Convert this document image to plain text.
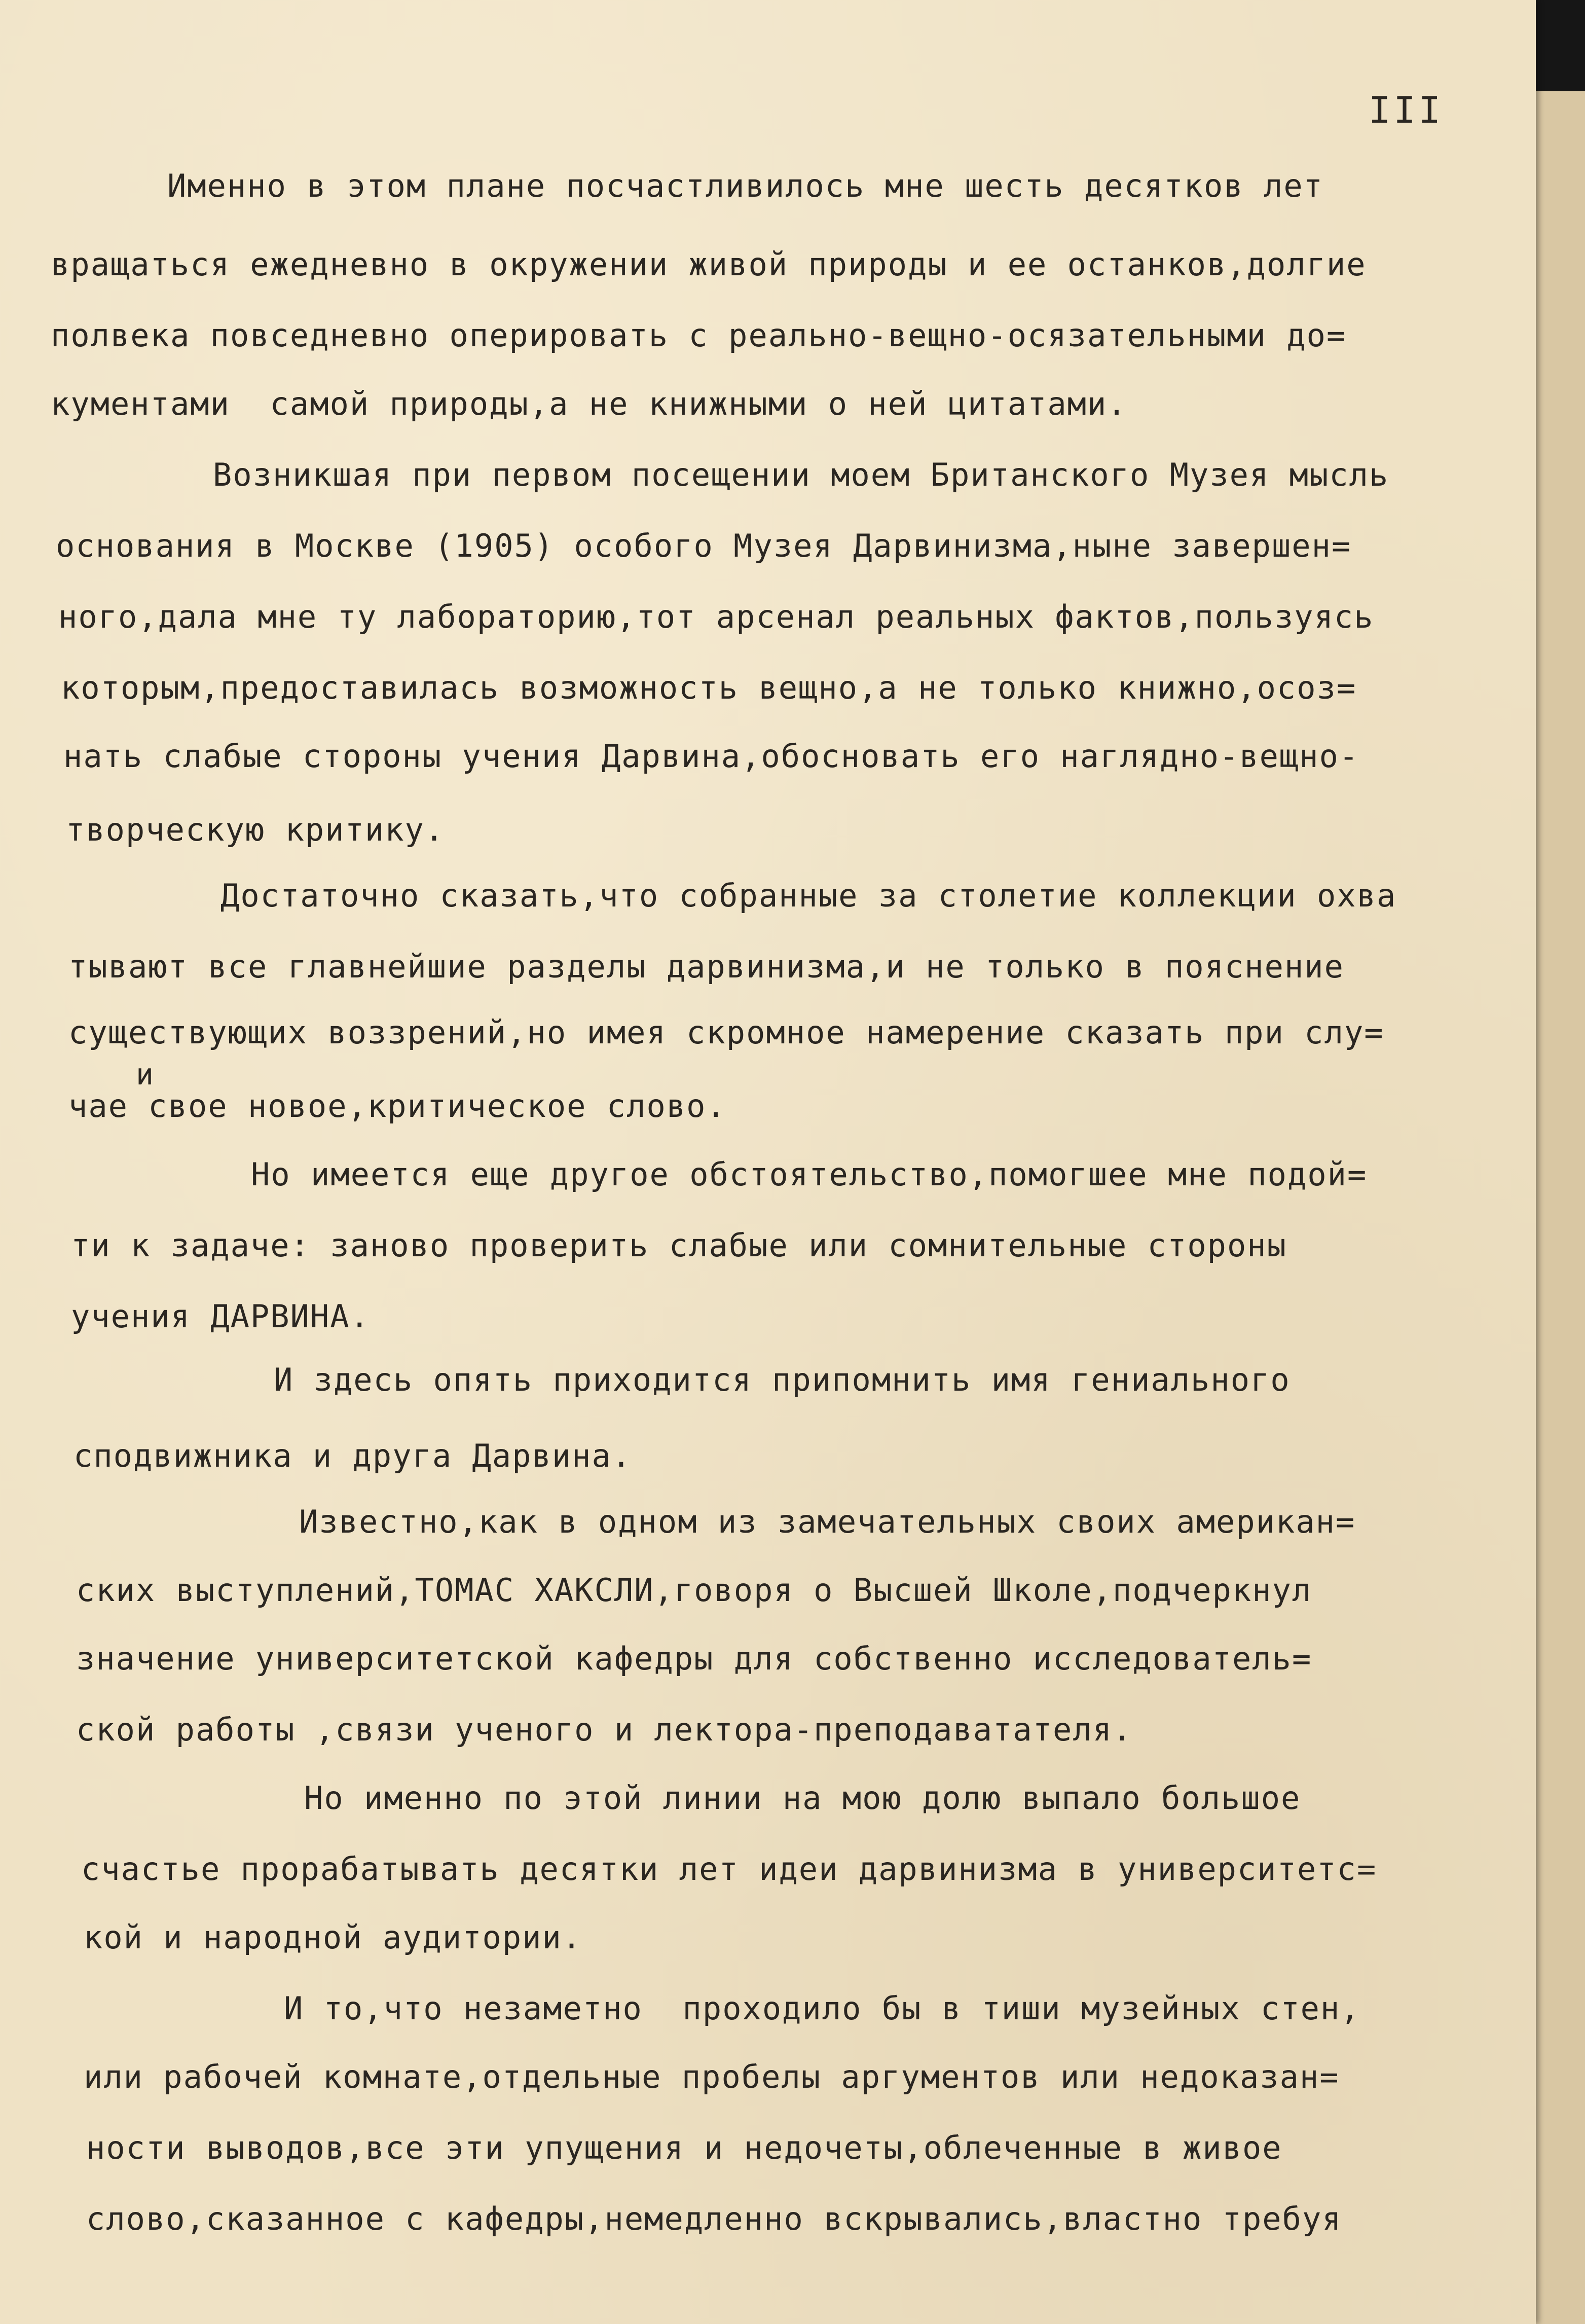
III
Именно в этом плане посчастливилось мне шесть десятков лет
вращаться ежедневно в окружении живой природы и ее останков,долгие
полвека повседневно оперировать с реально-вещно-осязательными до=
кументами  самой природы,а не книжными о ней цитатами.
Возникшая при первом посещении моем Британского Музея мысль
основания в Москве (1905) особого Музея Дарвинизма,ныне завершен=
ного,дала мне ту лабораторию,тот арсенал реальных фактов,пользуясь
которым,предоставилась возможность вещно,а не только книжно,осоз=
нать слабые стороны учения Дарвина,обосновать его наглядно-вещно-
творческую критику.
Достаточно сказать,что собранные за столетие коллекции охва
тывают все главнейшие разделы дарвинизма,и не только в пояснение
существующих воззрений,но имея скромное намерение сказать при слу=
и
чае свое новое,критическое слово.
Но имеется еще другое обстоятельство,помогшее мне подой=
ти к задаче: заново проверить слабые или сомнительные стороны
учения ДАРВИНА.
И здесь опять приходится припомнить имя гениального
сподвижника и друга Дарвина.
Известно,как в одном из замечательных своих американ=
ских выступлений,ТОМАС ХАКСЛИ,говоря о Высшей Школе,подчеркнул
значение университетской кафедры для собственно исследователь=
ской работы ,связи ученого и лектора-преподаватателя.
Но именно по этой линии на мою долю выпало большое
счастье прорабатывать десятки лет идеи дарвинизма в университетс=
кой и народной аудитории.
И то,что незаметно  проходило бы в тиши музейных стен,
или рабочей комнате,отдельные пробелы аргументов или недоказан=
ности выводов,все эти упущения и недочеты,облеченные в живое
слово,сказанное с кафедры,немедленно вскрывались,властно требуя
